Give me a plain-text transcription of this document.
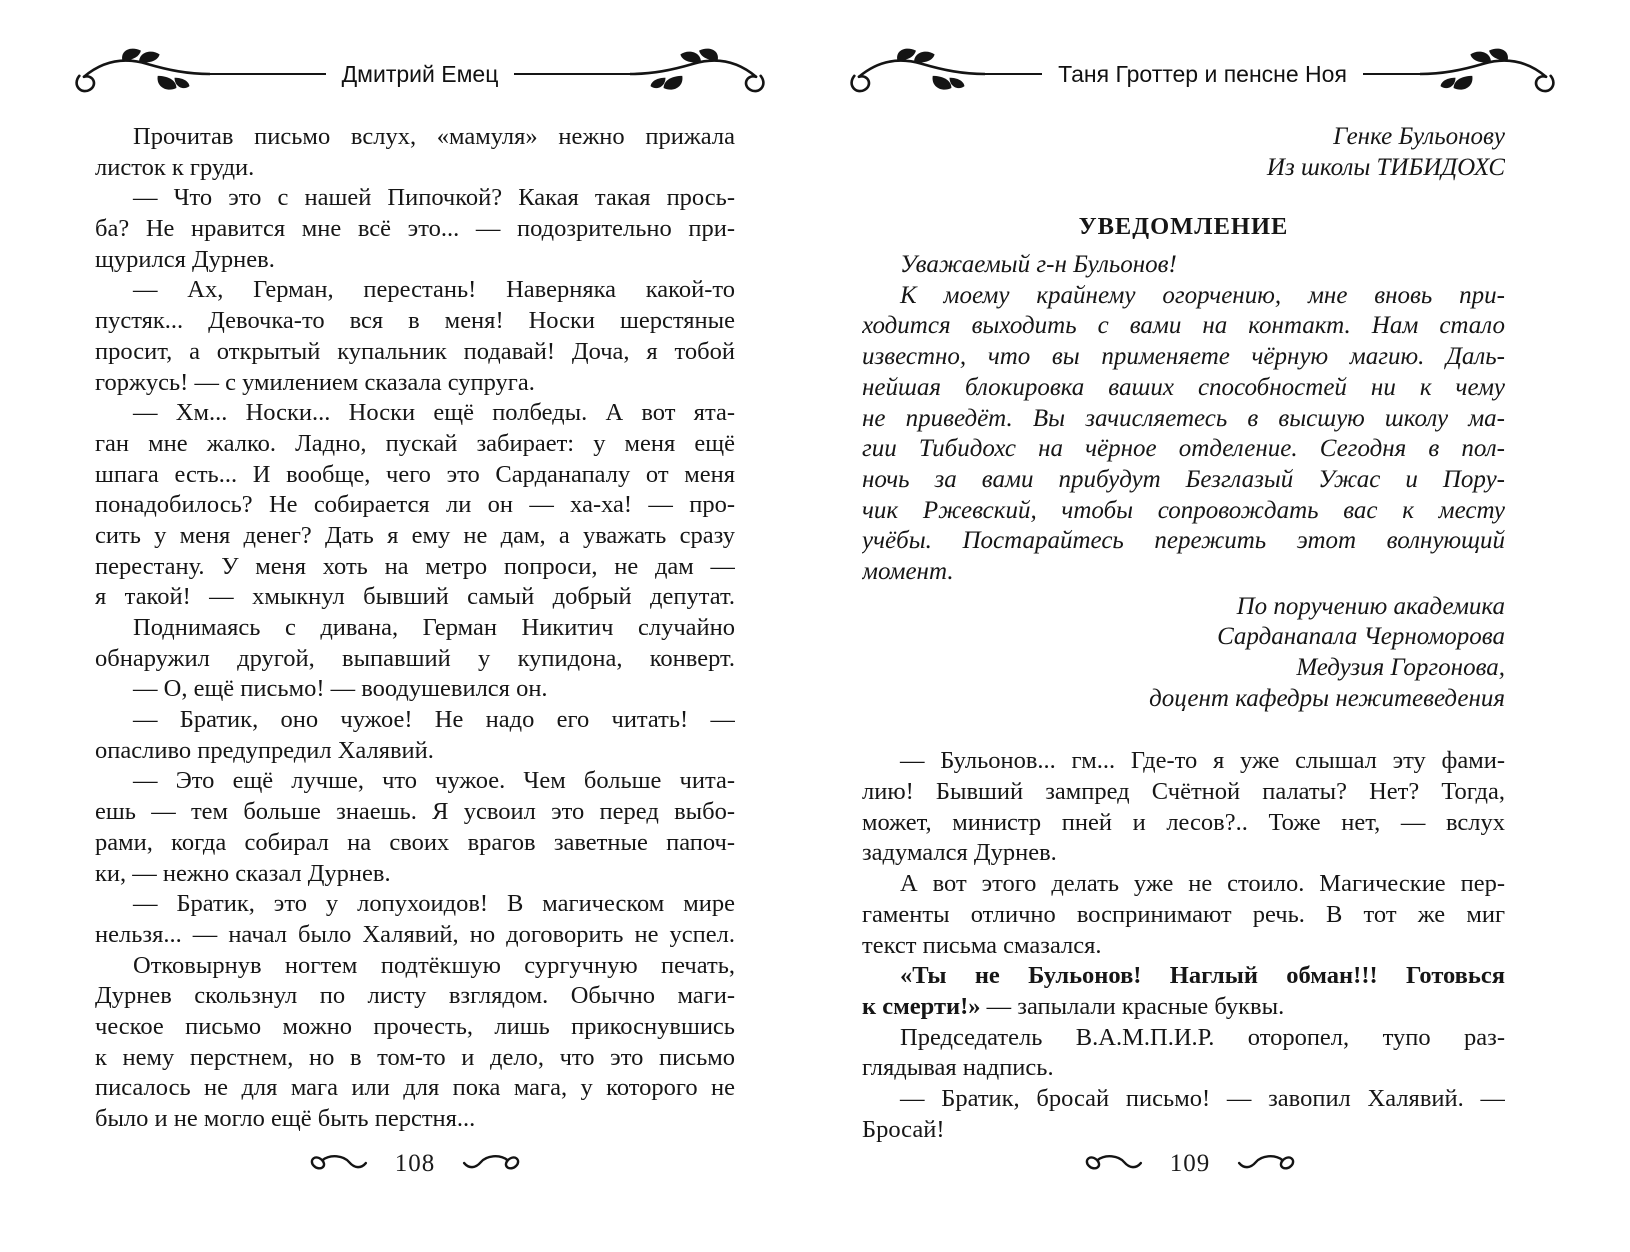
Дмитрий Емец	Таня Гроттер и пенсне Ноя
Прочитав письмо вслух, «мамуля» нежно прижала
листок к груди.
— Что это с нашей Пипочкой? Какая такая прось-
ба? Не нравится мне всё это... — подозрительно при-
щурился Дурнев.
— Ах, Герман, перестань! Наверняка какой-то
пустяк... Девочка-то вся в меня! Носки шерстяные
просит, а открытый купальник подавай! Доча, я тобой
горжусь! — с умилением сказала супруга.
— Хм... Носки... Носки ещё полбеды. А вот ята-
ган мне жалко. Ладно, пускай забирает: у меня ещё
шпага есть... И вообще, чего это Сарданапалу от меня
понадобилось? Не собирается ли он — ха-ха! — про-
сить у меня денег? Дать я ему не дам, а уважать сразу
перестану. У меня хоть на метро попроси, не дам —
я такой! — хмыкнул бывший самый добрый депутат.
Поднимаясь с дивана, Герман Никитич случайно
обнаружил другой, выпавший у купидона, конверт.
— О, ещё письмо! — воодушевился он.
— Братик, оно чужое! Не надо его читать! —
опасливо предупредил Халявий.
— Это ещё лучше, что чужое. Чем больше чита-
ешь — тем больше знаешь. Я усвоил это перед выбо-
рами, когда собирал на своих врагов заветные папоч-
ки, — нежно сказал Дурнев.
— Братик, это у лопухоидов! В магическом мире
нельзя... — начал было Халявий, но договорить не успел.
Отковырнув ногтем подтёкшую сургучную печать,
Дурнев скользнул по листу взглядом. Обычно маги-
ческое письмо можно прочесть, лишь прикоснувшись
к нему перстнем, но в том-то и дело, что это письмо
писалось не для мага или для пока мага, у которого не
было и не могло ещё быть перстня...
Генке Бульонову
Из школы ТИБИДОХС
УВЕДОМЛЕНИЕ
Уважаемый г-н Бульонов!
К моему крайнему огорчению, мне вновь при-
ходится выходить с вами на контакт. Нам стало
известно, что вы применяете чёрную магию. Даль-
нейшая блокировка ваших способностей ни к чему
не приведёт. Вы зачисляетесь в высшую школу ма-
гии Тибидохс на чёрное отделение. Сегодня в пол-
ночь за вами прибудут Безглазый Ужас и Пору-
чик Ржевский, чтобы сопровождать вас к месту
учёбы. Постарайтесь пережить этот волнующий
момент.
По поручению академика
Сарданапала Черноморова
Медузия Горгонова,
доцент кафедры нежитеведения
— Бульонов... гм... Где-то я уже слышал эту фами-
лию! Бывший зампред Счётной палаты? Нет? Тогда,
может, министр пней и лесов?.. Тоже нет, — вслух
задумался Дурнев.
А вот этого делать уже не стоило. Магические пер-
гаменты отлично воспринимают речь. В тот же миг
текст письма смазался.
«Ты не Бульонов! Наглый обман!!! Готовься
к смерти!» — запылали красные буквы.
Председатель В.А.М.П.И.Р. оторопел, тупо раз-
глядывая надпись.
— Братик, бросай письмо! — завопил Халявий. —
Бросай!
108	109
